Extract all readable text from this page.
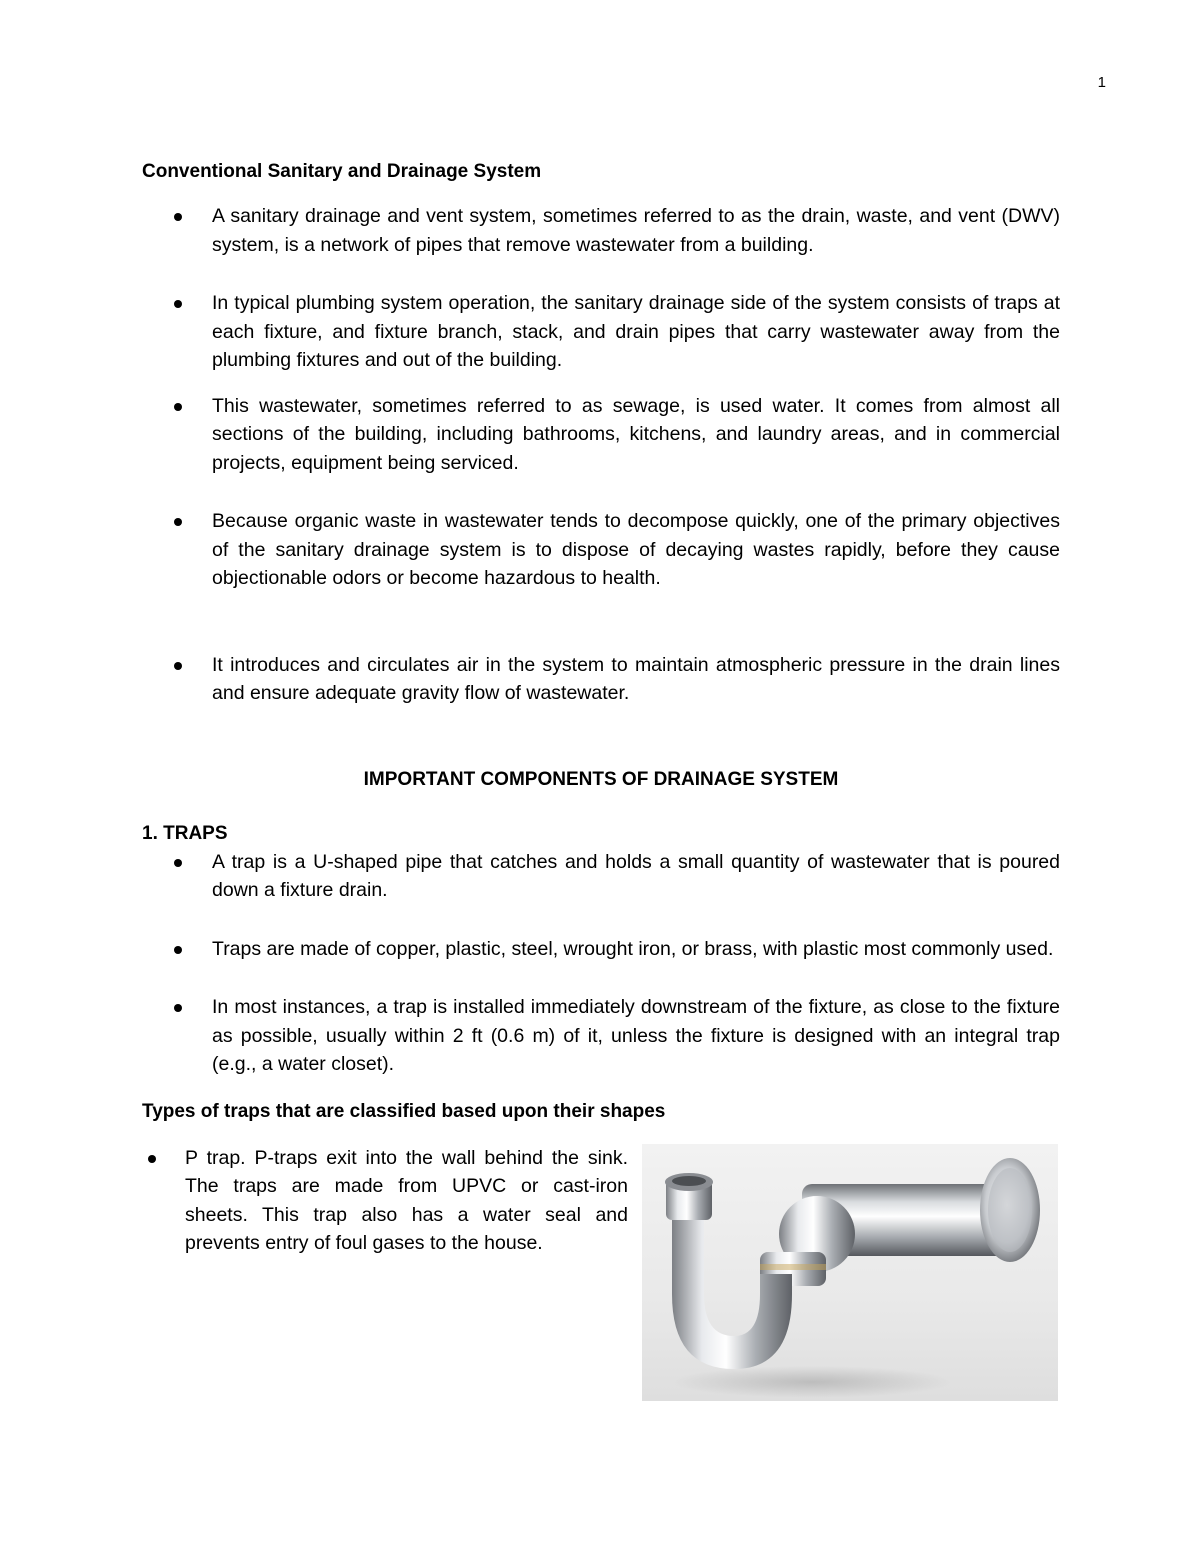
1

Conventional Sanitary and Drainage System

A sanitary drainage and vent system, sometimes referred to as the drain, waste, and vent (DWV) system, is a network of pipes that remove wastewater from a building.
In typical plumbing system operation, the sanitary drainage side of the system consists of traps at each fixture, and fixture branch, stack, and drain pipes that carry wastewater away from the plumbing fixtures and out of the building.
This wastewater, sometimes referred to as sewage, is used water. It comes from almost all sections of the building, including bathrooms, kitchens, and laundry areas, and in commercial projects, equipment being serviced.
Because organic waste in wastewater tends to decompose quickly, one of the primary objectives of the sanitary drainage system is to dispose of decaying wastes rapidly, before they cause objectionable odors or become hazardous to health.
It introduces and circulates air in the system to maintain atmospheric pressure in the drain lines and ensure adequate gravity flow of wastewater.

IMPORTANT COMPONENTS OF DRAINAGE SYSTEM

1. TRAPS

A trap is a U-shaped pipe that catches and holds a small quantity of wastewater that is poured down a fixture drain.
Traps are made of copper, plastic, steel, wrought iron, or brass, with plastic most commonly used.
In most instances, a trap is installed immediately downstream of the fixture, as close to the fixture as possible, usually within 2 ft (0.6 m) of it, unless the fixture is designed with an integral trap (e.g., a water closet).

Types of traps that are classified based upon their shapes

P trap. P-traps exit into the wall behind the sink. The traps are made from UPVC or cast-iron sheets. This trap also has a water seal and prevents entry of foul gases to the house.
